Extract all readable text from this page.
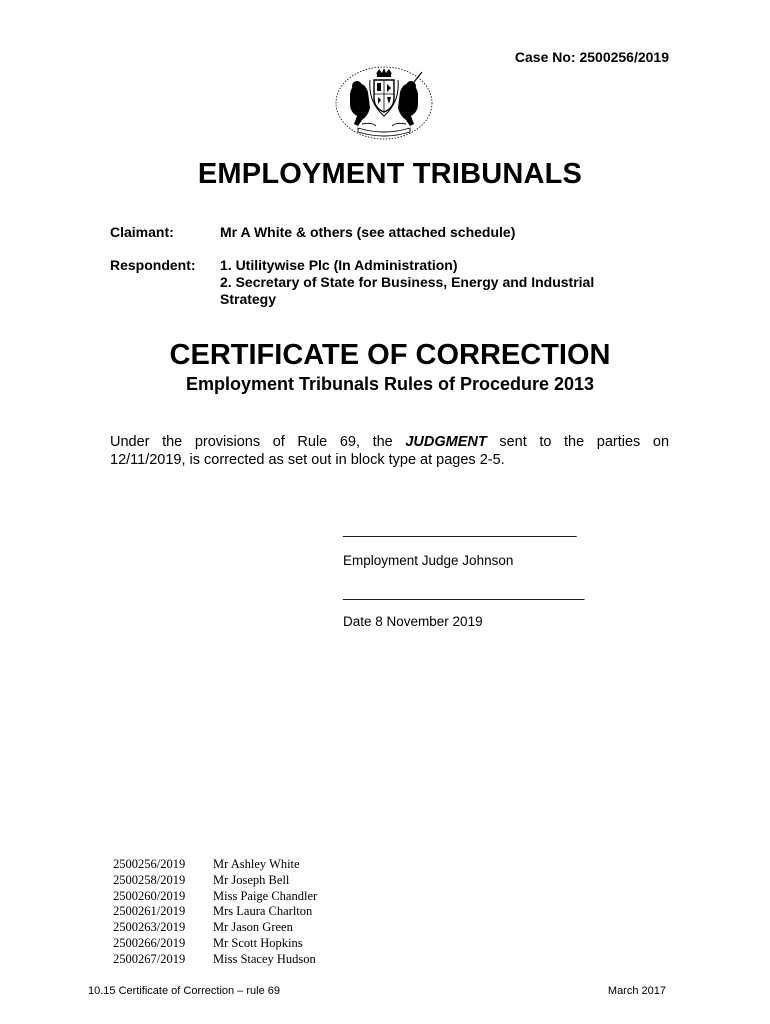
Case No: 2500256/2019
EMPLOYMENT TRIBUNALS
Claimant:	Mr A White & others (see attached schedule)
Respondent: 1. Utilitywise Plc (In Administration)
2. Secretary of State for Business, Energy and Industrial
Strategy
CERTIFICATE OF CORRECTION
Employment Tribunals Rules of Procedure 2013
Under the provisions of Rule 69, the JUDGMENT sent to the parties on
12/11/2019, is corrected as set out in block type at pages 2-5.
______________________________
Employment Judge Johnson
_______________________________
Date 8 November 2019
2500256/2019	Mr Ashley White
2500258/2019	Mr Joseph Bell
2500260/2019	Miss Paige Chandler
2500261/2019	Mrs Laura Charlton
2500263/2019	Mr Jason Green
2500266/2019	Mr Scott Hopkins
2500267/2019	Miss Stacey Hudson
10.15 Certificate of Correction – rule 69	March 2017
